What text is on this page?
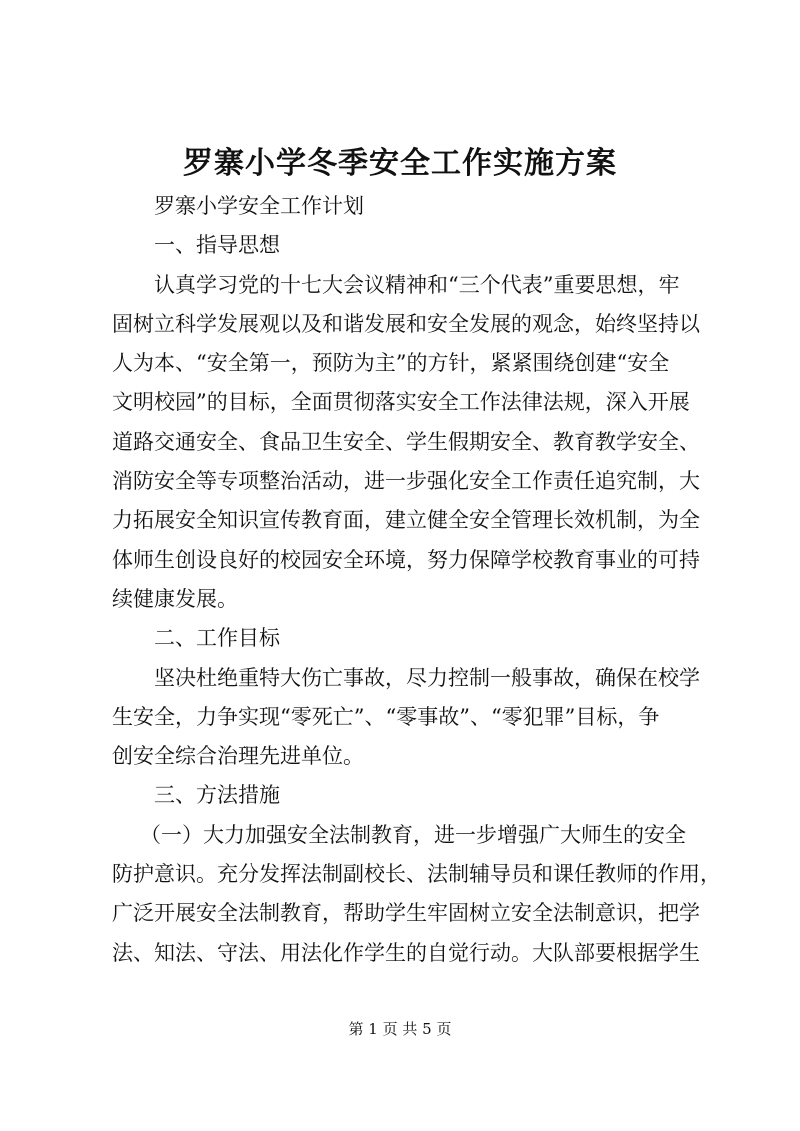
罗寨小学冬季安全工作实施方案
罗寨小学安全工作计划
一、指导思想
认真学习党的十七大会议精神和“三个代表”重要思想，牢
固树立科学发展观以及和谐发展和安全发展的观念，始终坚持以
人为本、“安全第一，预防为主”的方针，紧紧围绕创建“安全
文明校园”的目标，全面贯彻落实安全工作法律法规，深入开展
道路交通安全、食品卫生安全、学生假期安全、教育教学安全、
消防安全等专项整治活动，进一步强化安全工作责任追究制，大
力拓展安全知识宣传教育面，建立健全安全管理长效机制，为全
体师生创设良好的校园安全环境，努力保障学校教育事业的可持
续健康发展。
二、工作目标
坚决杜绝重特大伤亡事故，尽力控制一般事故，确保在校学
生安全，力争实现“零死亡”、“零事故”、“零犯罪”目标，争
创安全综合治理先进单位。
三、方法措施
（一）大力加强安全法制教育，进一步增强广大师生的安全
防护意识。充分发挥法制副校长、法制辅导员和课任教师的作用，
广泛开展安全法制教育，帮助学生牢固树立安全法制意识，把学
法、知法、守法、用法化作学生的自觉行动。大队部要根据学生
第 1 页 共 5 页
